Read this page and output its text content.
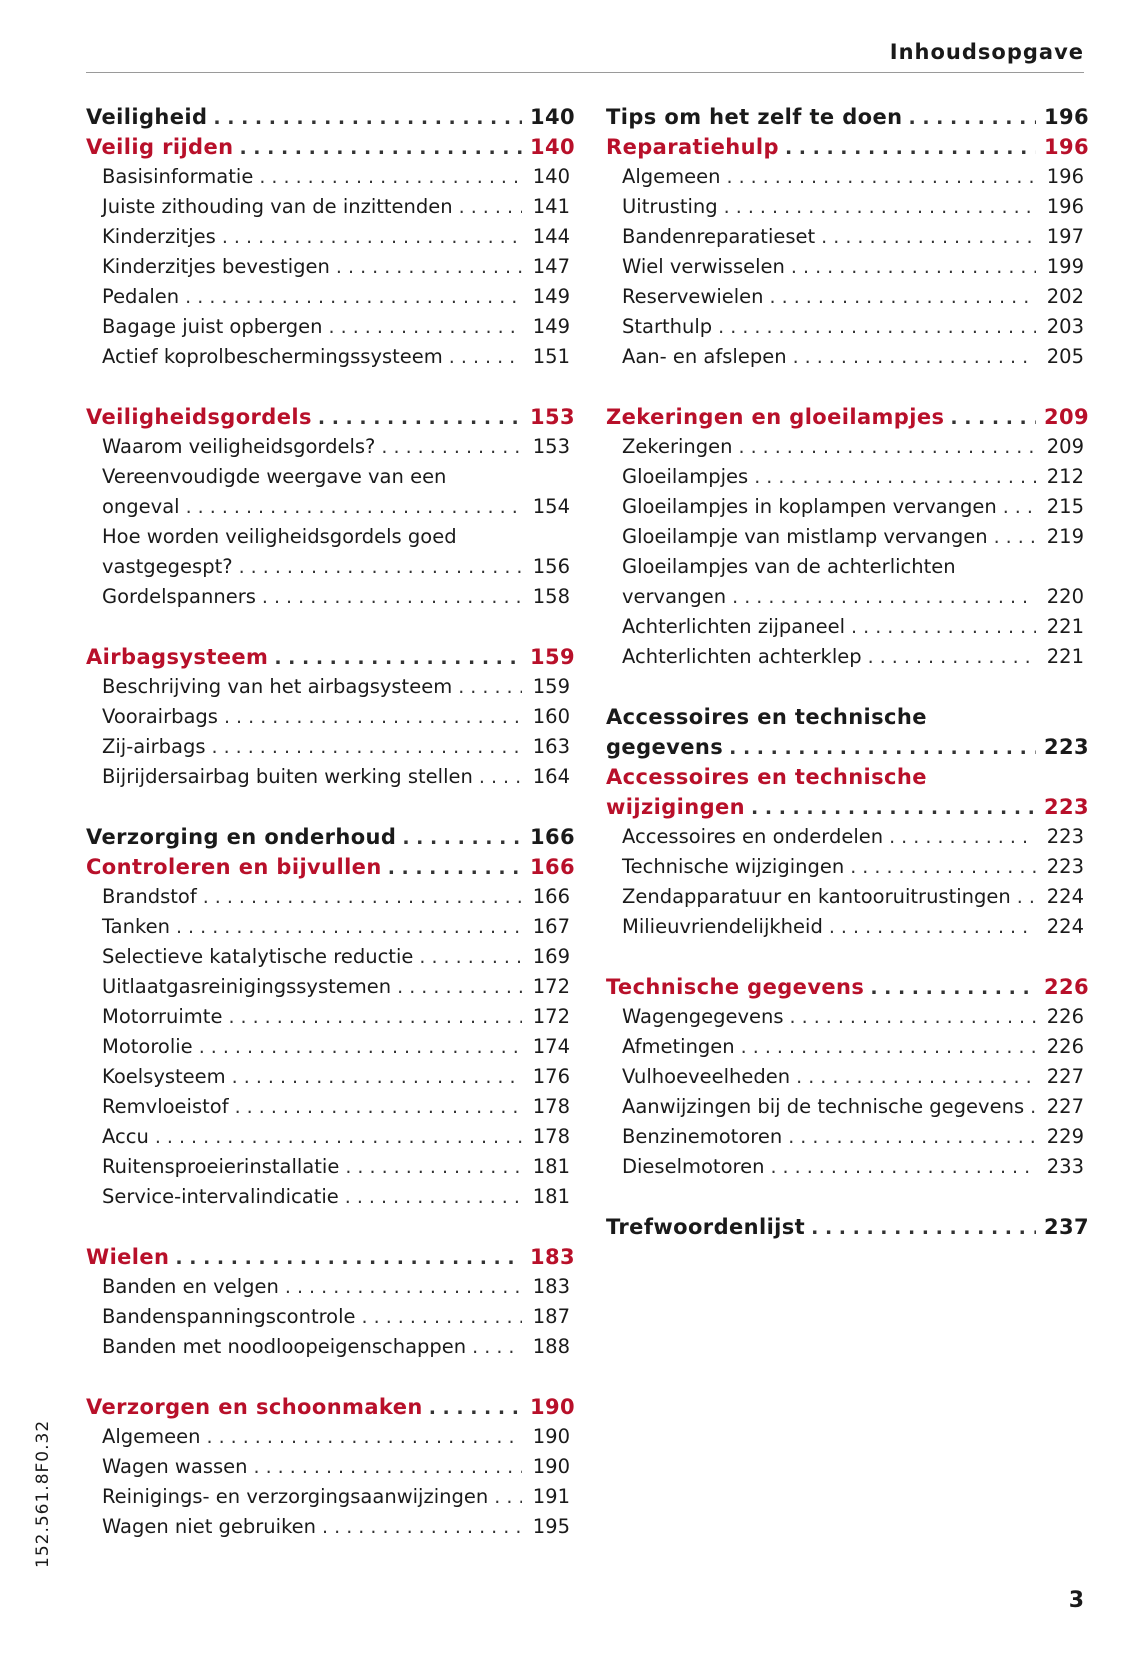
Inhoudsopgave
Veiligheid . . .	140
Veilig rijden . . .	140
Basisinformatie . . .	140
Juiste zithouding van de inzittenden . . .	141
Kinderzitjes . . .	144
Kinderzitjes bevestigen . . .	147
Pedalen . . .	149
Bagage juist opbergen . . .	149
Actief koprolbeschermingssysteem . . .	151
Veiligheidsgordels . . .	153
Waarom veiligheidsgordels? . . .	153
Vereenvoudigde weergave van een
ongeval . . .	154
Hoe worden veiligheidsgordels goed
vastgegespt? . . .	156
Gordelspanners . . .	158
Airbagsysteem . . .	159
Beschrijving van het airbagsysteem . . .	159
Voorairbags . . .	160
Zij-airbags . . .	163
Bijrijdersairbag buiten werking stellen . . .	164
Verzorging en onderhoud . . .	166
Controleren en bijvullen . . .	166
Brandstof . . .	166
Tanken . . .	167
Selectieve katalytische reductie . . .	169
Uitlaatgasreinigingssystemen . . .	172
Motorruimte . . .	172
Motorolie . . .	174
Koelsysteem . . .	176
Remvloeistof . . .	178
Accu . . .	178
Ruitensproeierinstallatie . . .	181
Service-intervalindicatie . . .	181
Wielen . . .	183
Banden en velgen . . .	183
Bandenspanningscontrole . . .	187
Banden met noodloopeigenschappen . . .	188
Verzorgen en schoonmaken . . .	190
Algemeen . . .	190
Wagen wassen . . .	190
Reinigings- en verzorgingsaanwijzingen . . . 191
Wagen niet gebruiken . . .	195
Tips om het zelf te doen . . .	196
Reparatiehulp . . .	196
Algemeen . . .	196
Uitrusting . . .	196
Bandenreparatieset . . .	197
Wiel verwisselen . . .	199
Reservewielen . . .	202
Starthulp . . .	203
Aan- en afslepen . . .	205
Zekeringen en gloeilampjes . . .	209
Zekeringen . . .	209
Gloeilampjes . . .	212
Gloeilampjes in koplampen vervangen . . .	215
Gloeilampje van mistlamp vervangen . . .	219
Gloeilampjes van de achterlichten
vervangen . . .	220
Achterlichten zijpaneel . . .	221
Achterlichten achterklep . . .	221
Accessoires en technische
gegevens . . .	223
Accessoires en technische
wijzigingen . . .	223
Accessoires en onderdelen . . .	223
Technische wijzigingen . . .	223
Zendapparatuur en kantooruitrustingen . . . 224
Milieuvriendelijkheid . . .	224
Technische gegevens . . .	226
Wagengegevens . . .	226
Afmetingen . . .	226
Vulhoeveelheden . . .	227
Aanwijzingen bij de technische gegevens . . . 227
Benzinemotoren . . .	229
Dieselmotoren . . .	233
Trefwoordenlijst . . .	237
152.561.8F0.32
3
